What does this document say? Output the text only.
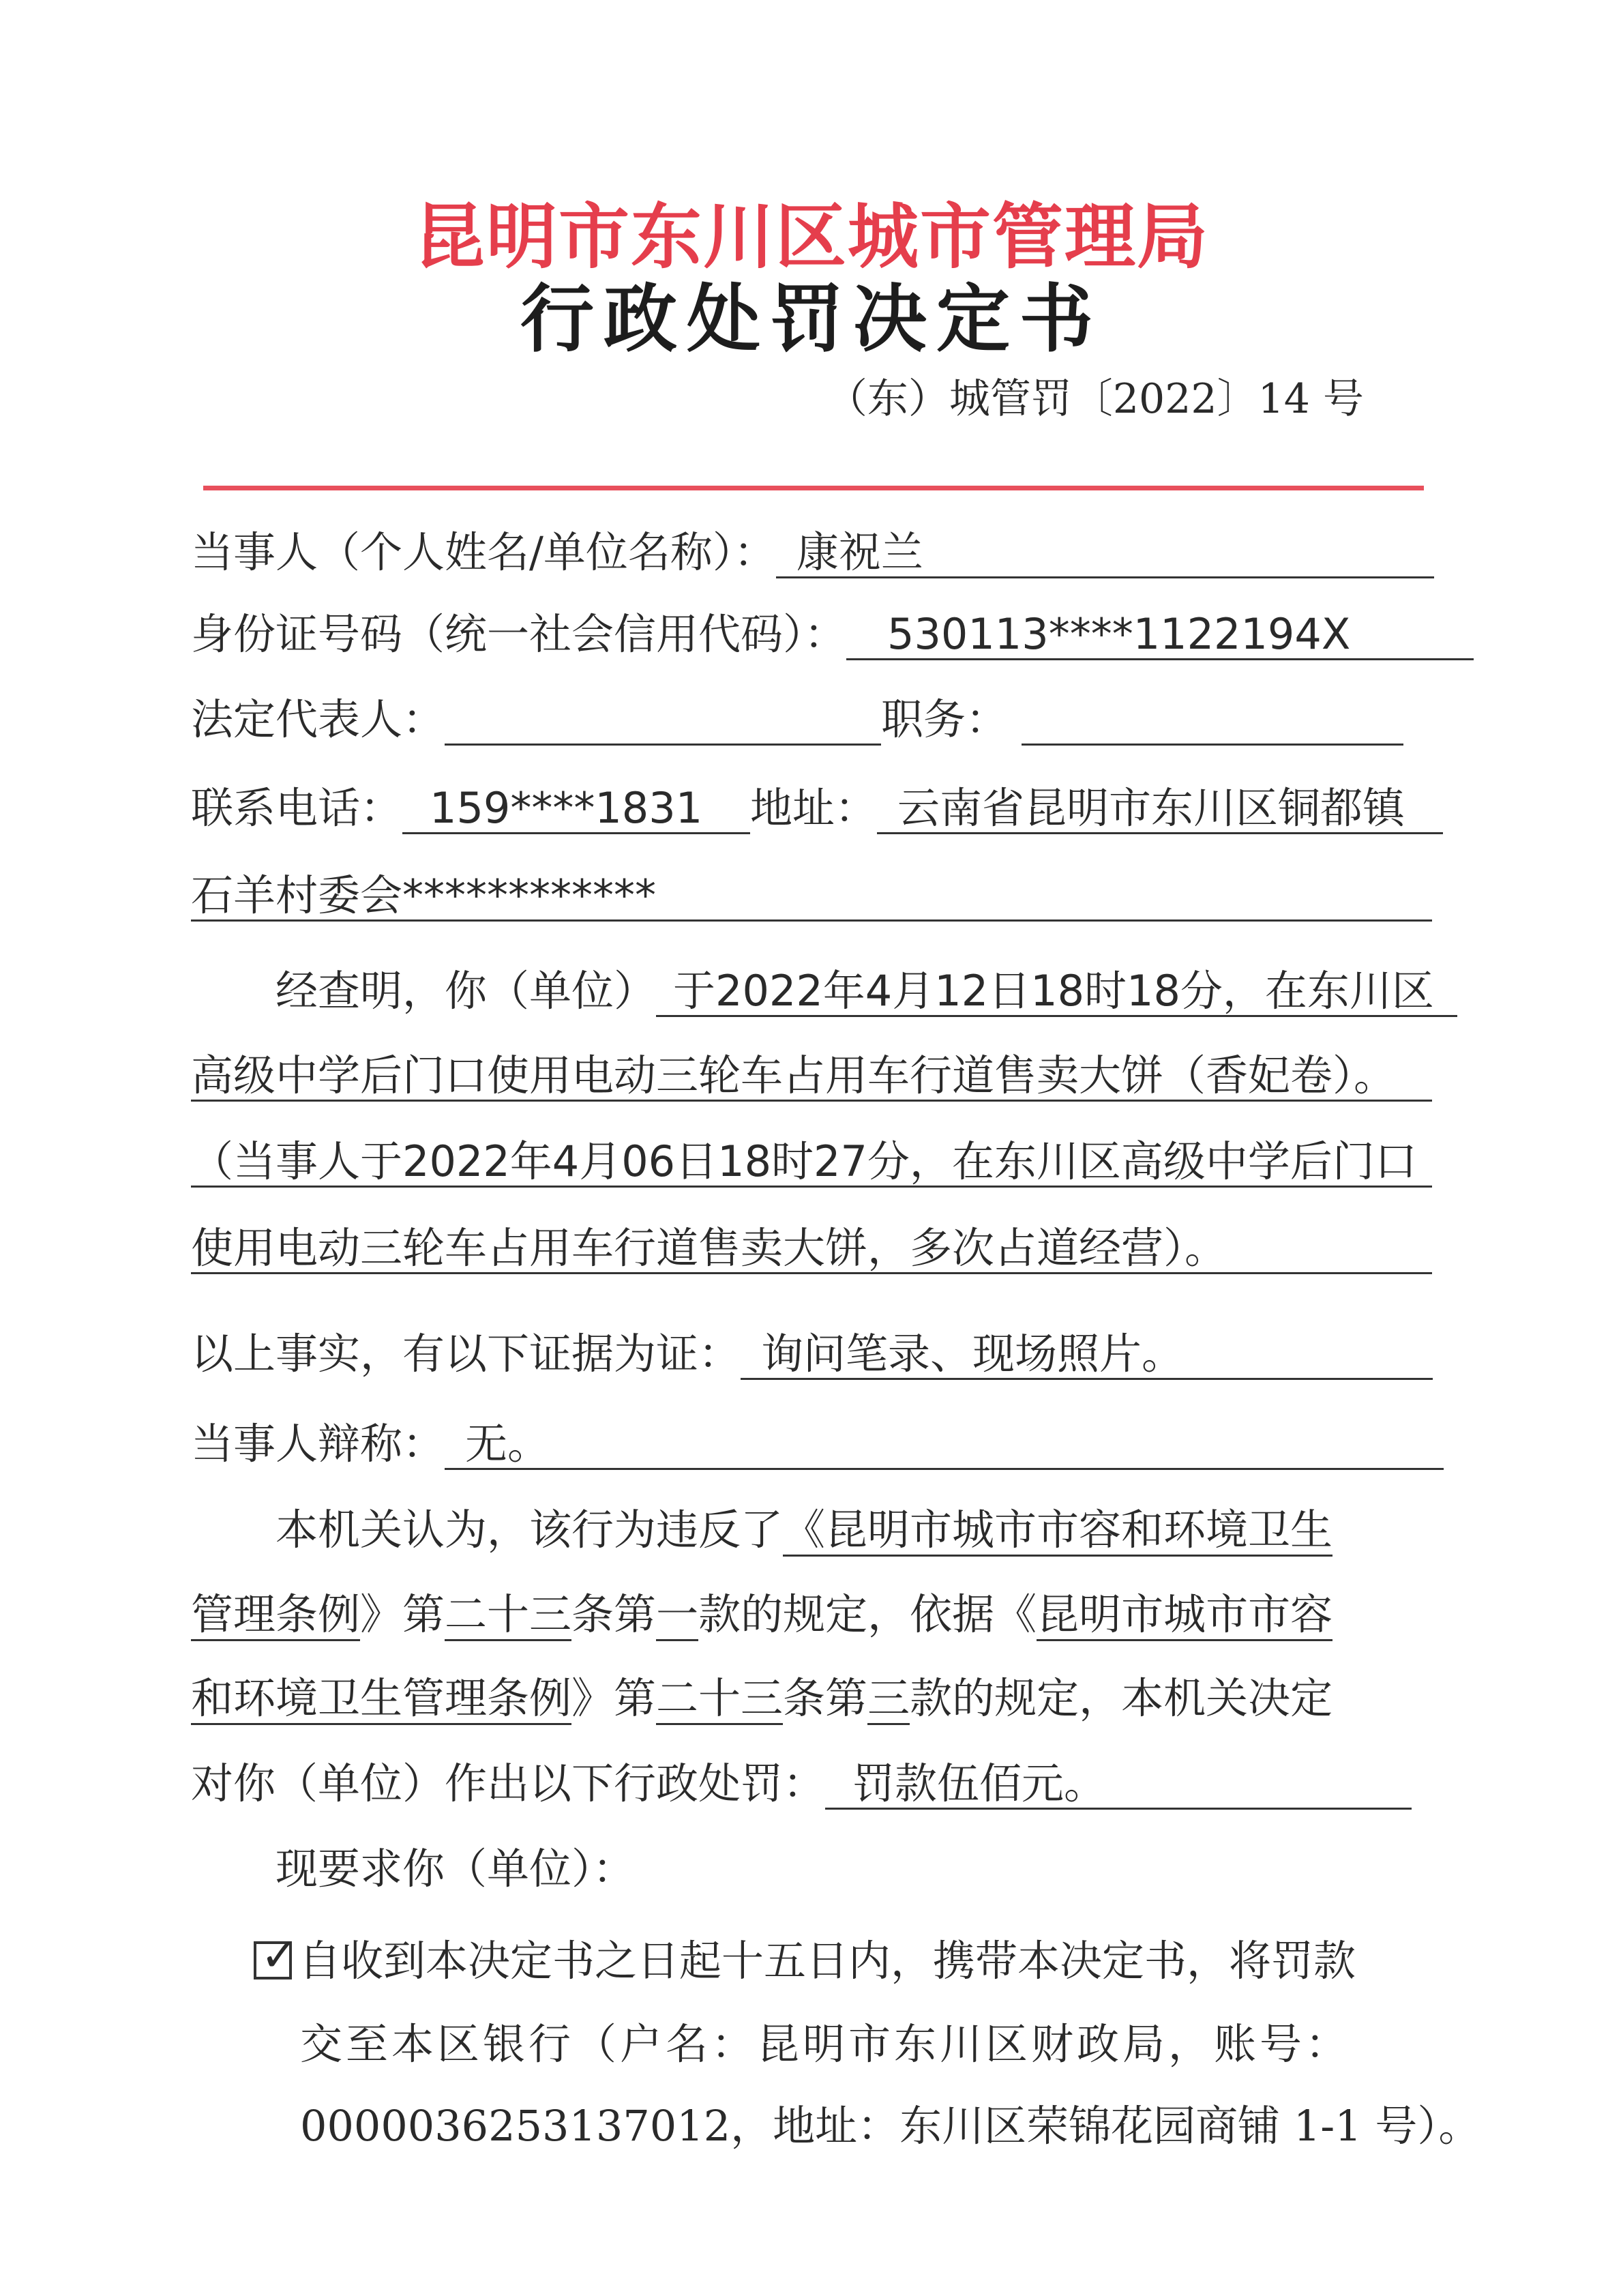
昆明市东川区城市管理局
行政处罚决定书
（东）城管罚〔2022〕14 号
当事人（个人姓名/单位名称）： 康祝兰
身份证号码（统一社会信用代码）： 530113****1122194X
法定代表人：	职务：
联系电话： 159****1831 地址： 云南省昆明市东川区铜都镇
石羊村委会************
经查明，你（单位） 于2022年4月12日18时18分，在东川区
高级中学后门口使用电动三轮车占用车行道售卖大饼（香妃卷）。
（当事人于2022年4月06日18时27分，在东川区高级中学后门口
使用电动三轮车占用车行道售卖大饼，多次占道经营）。
以上事实，有以下证据为证： 询问笔录、现场照片。
当事人辩称： 无。
本机关认为，该行为违反了《昆明市城市市容和环境卫生
管理条例》第二十三条第一款的规定，依据《昆明市城市市容
和环境卫生管理条例》第二十三条第三款的规定，本机关决定
对你（单位）作出以下行政处罚： 罚款伍佰元。
现要求你（单位）：
✓ 自收到本决定书之日起十五日内，携带本决定书，将罚款
交至本区银行（户名：昆明市东川区财政局，账号：
0000036253137012，地址：东川区荣锦花园商铺 1-1 号）。
